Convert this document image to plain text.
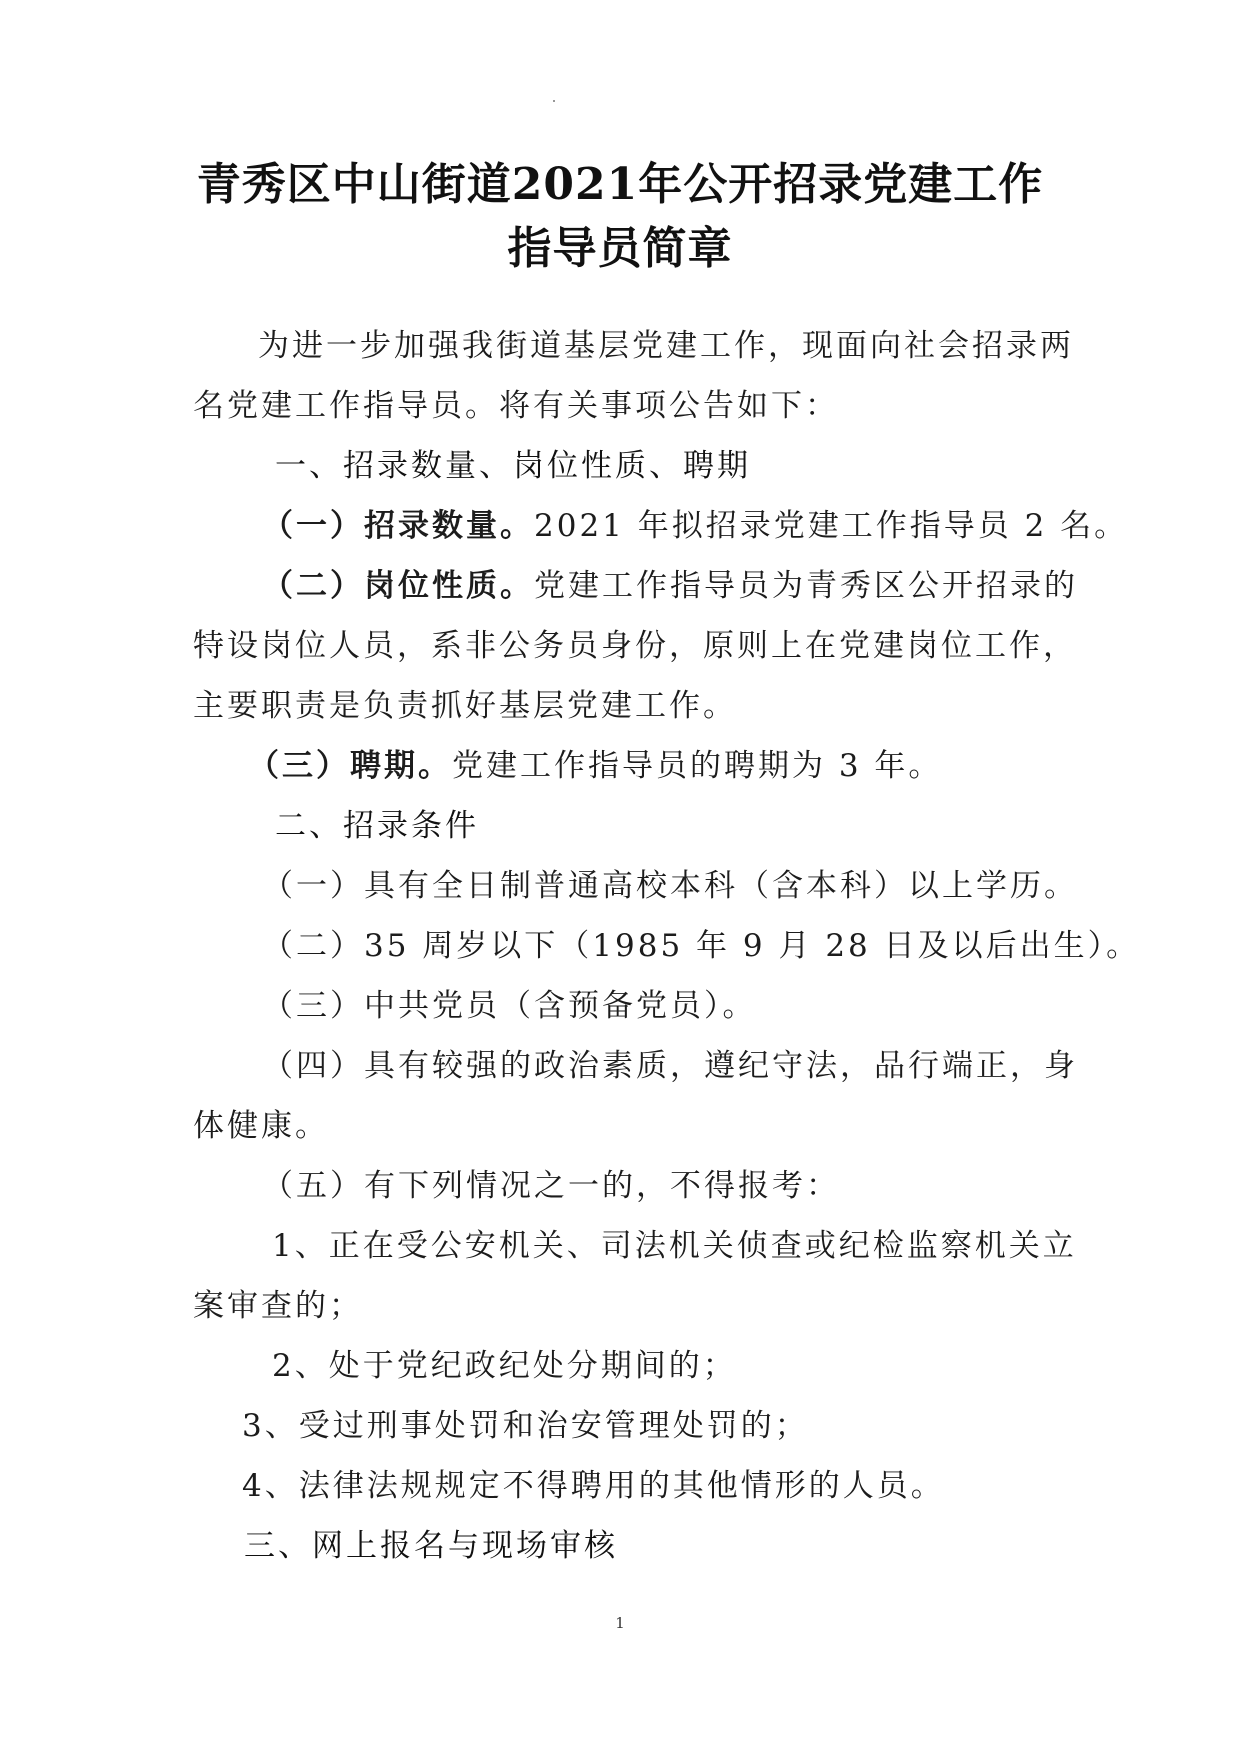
青秀区中山街道2021年公开招录党建工作
指导员简章
为进一步加强我街道基层党建工作，现面向社会招录两
名党建工作指导员。将有关事项公告如下：
一、招录数量、岗位性质、聘期
（一）招录数量。2021 年拟招录党建工作指导员 2 名。
（二）岗位性质。党建工作指导员为青秀区公开招录的
特设岗位人员，系非公务员身份，原则上在党建岗位工作，
主要职责是负责抓好基层党建工作。
（三）聘期。党建工作指导员的聘期为 3 年。
二、招录条件
（一）具有全日制普通高校本科（含本科）以上学历。
（二）35 周岁以下（1985 年 9 月 28 日及以后出生）。
（三）中共党员（含预备党员）。
（四）具有较强的政治素质，遵纪守法，品行端正，身
体健康。
（五）有下列情况之一的，不得报考：
1、正在受公安机关、司法机关侦查或纪检监察机关立
案审查的；
2、处于党纪政纪处分期间的；
3、受过刑事处罚和治安管理处罚的；
4、法律法规规定不得聘用的其他情形的人员。
三、网上报名与现场审核
1
